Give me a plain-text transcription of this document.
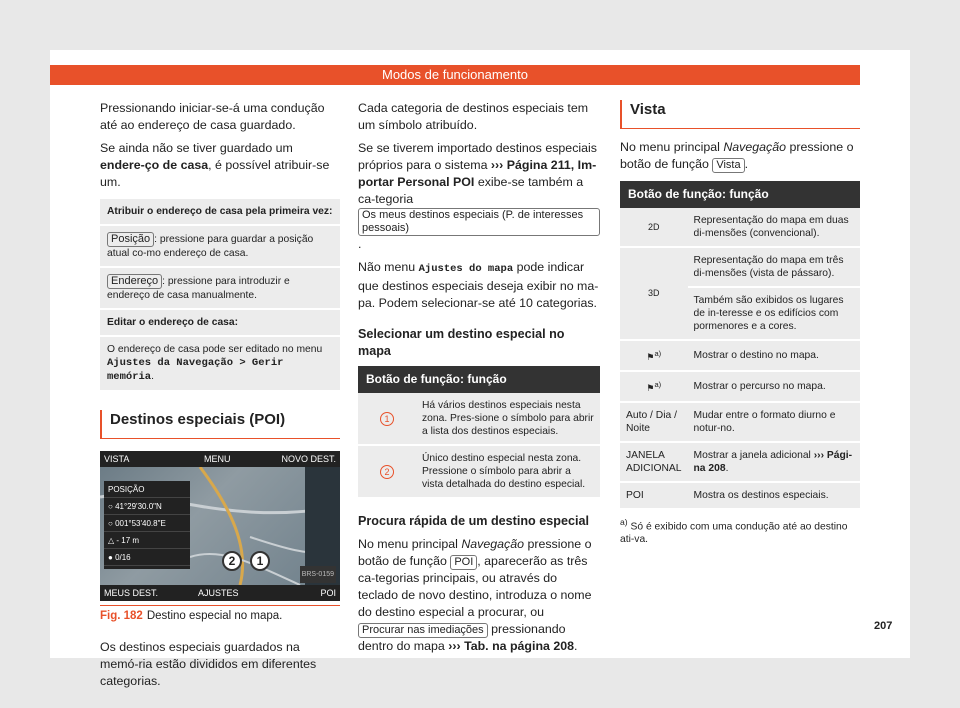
Modos de funcionamento

Pressionando iniciar-se-á uma condução até ao endereço de casa guardado.

Se ainda não se tiver guardado um endere-ço de casa, é possível atribuir-se um.

Atribuir o endereço de casa pela primeira vez:
Posição : pressione para guardar a posição atual co-mo endereço de casa.
Endereço : pressione para introduzir e endereço de casa manualmente.
Editar o endereço de casa:
O endereço de casa pode ser editado no menu Ajustes da Navegação > Gerir memória.
Destinos especiais (POI)
VISTA	MENU	NOVO DEST.
POSIÇÃO
○ 41°29'30.0"N
○ 001°53'40.8"E
△ - 17 m
● 0/16	2	1
BRS-0159
MEUS DEST.	AJUSTES	POI
Fig. 182 Destino especial no mapa.

Os destinos especiais guardados na memó-ria estão divididos em diferentes categorias.

Cada categoria de destinos especiais tem um símbolo atribuído.

Se se tiverem importado destinos especiais próprios para o sistema ››› Página 211, Im-portar Personal POI exibe-se também a ca-tegoria Os meus destinos especiais (P. de interesses pessoais).

Não menu Ajustes do mapa pode indicar que destinos especiais deseja exibir no ma-pa. Podem selecionar-se até 10 categorias.

Selecionar um destino especial no mapa
Botão de função: função	
1	Há vários destinos especiais nesta zona. Pres-sione o símbolo para abrir a lista dos destinos especiais.
2	Único destino especial nesta zona. Pressione o símbolo para abrir a vista detalhada do destino especial.
Procura rápida de um destino especial

No menu principal Navegação pressione o botão de função POI , aparecerão as três ca-tegorias principais, ou através do teclado de novo destino, introduza o nome do destino especial a procurar, ou Procurar nas imediações pressionando dentro do mapa ››› Tab. na página 208.

Vista

No menu principal Navegação pressione o botão de função Vista .

Botão de função: função	
2D	Representação do mapa em duas di-mensões (convencional).
3D	Representação do mapa em três di-mensões (vista de pássaro).
	Também são exibidos os lugares de in-teresse e os edifícios com pormenores e a cores.
⚑$^{a)}$	Mostrar o destino no mapa.
⚑$^{a)}$	Mostrar o percurso no mapa.
Auto / Dia / Noite	Mudar entre o formato diurno e notur-no.
JANELA ADICIONAL	Mostrar a janela adicional ››› Pági-na 208.
POI	Mostra os destinos especiais.
$^{a)}$ Só é exibido com uma condução até ao destino ati-va.
207
